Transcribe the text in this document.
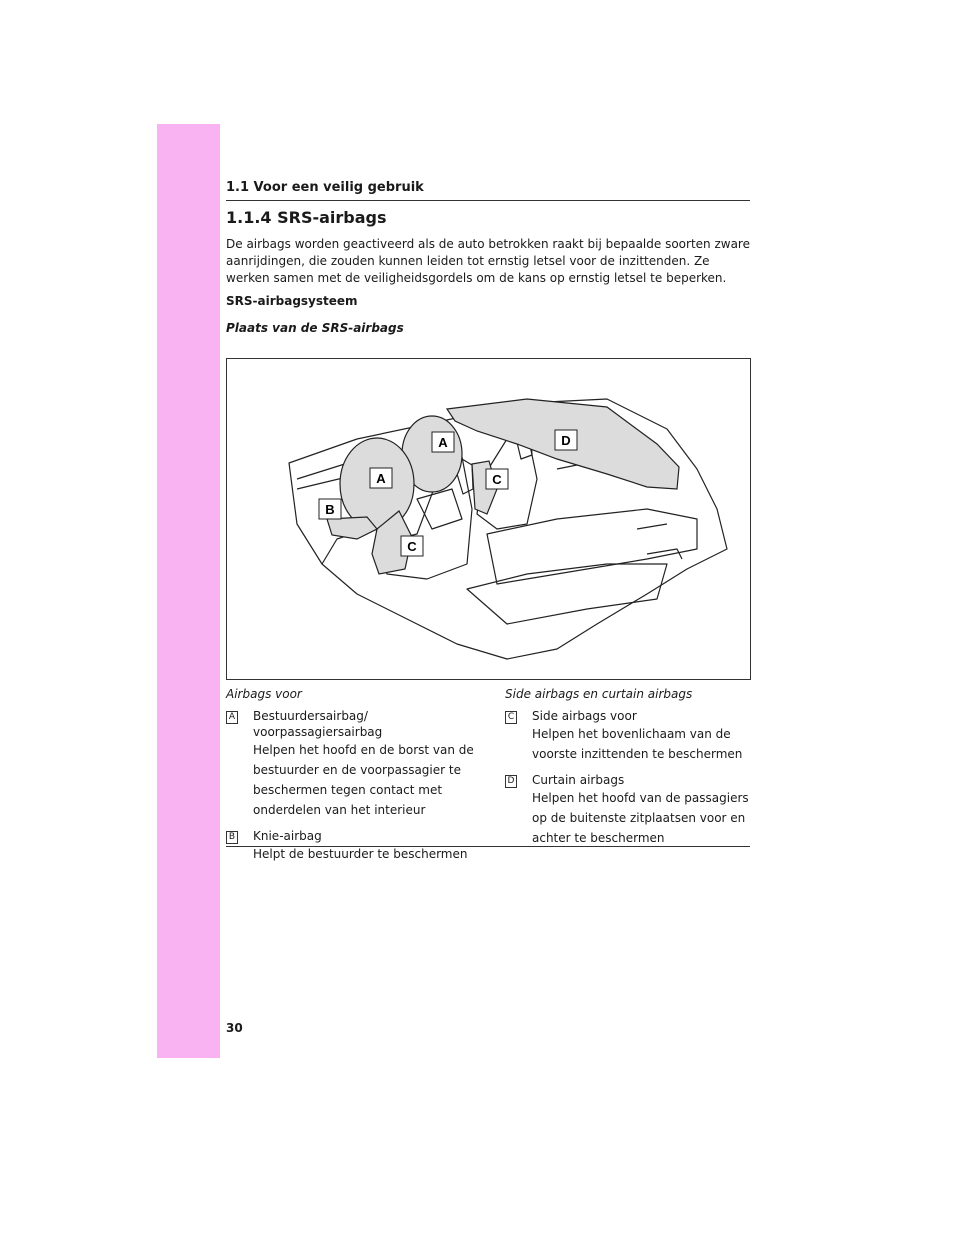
1.1 Voor een veilig gebruik
1.1.4 SRS-airbags
De airbags worden geactiveerd als de auto betrokken raakt bij bepaalde soorten zware aanrijdingen, die zouden kunnen leiden tot ernstig letsel voor de inzittenden. Ze werken samen met de veiligheidsgordels om de kans op ernstig letsel te beperken.
SRS-airbagsysteem
Plaats van de SRS-airbags
A
A
B
C
C
D
Airbags voor
A Bestuurdersairbag/ voorpassagiersairbag
Helpen het hoofd en de borst van de bestuurder en de voorpassagier te beschermen tegen contact met onderdelen van het interieur
B Knie-airbag
Helpt de bestuurder te beschermen
Side airbags en curtain airbags
C Side airbags voor
Helpen het bovenlichaam van de voorste inzittenden te beschermen
D Curtain airbags
Helpen het hoofd van de passagiers op de buitenste zitplaatsen voor en achter te beschermen
30
